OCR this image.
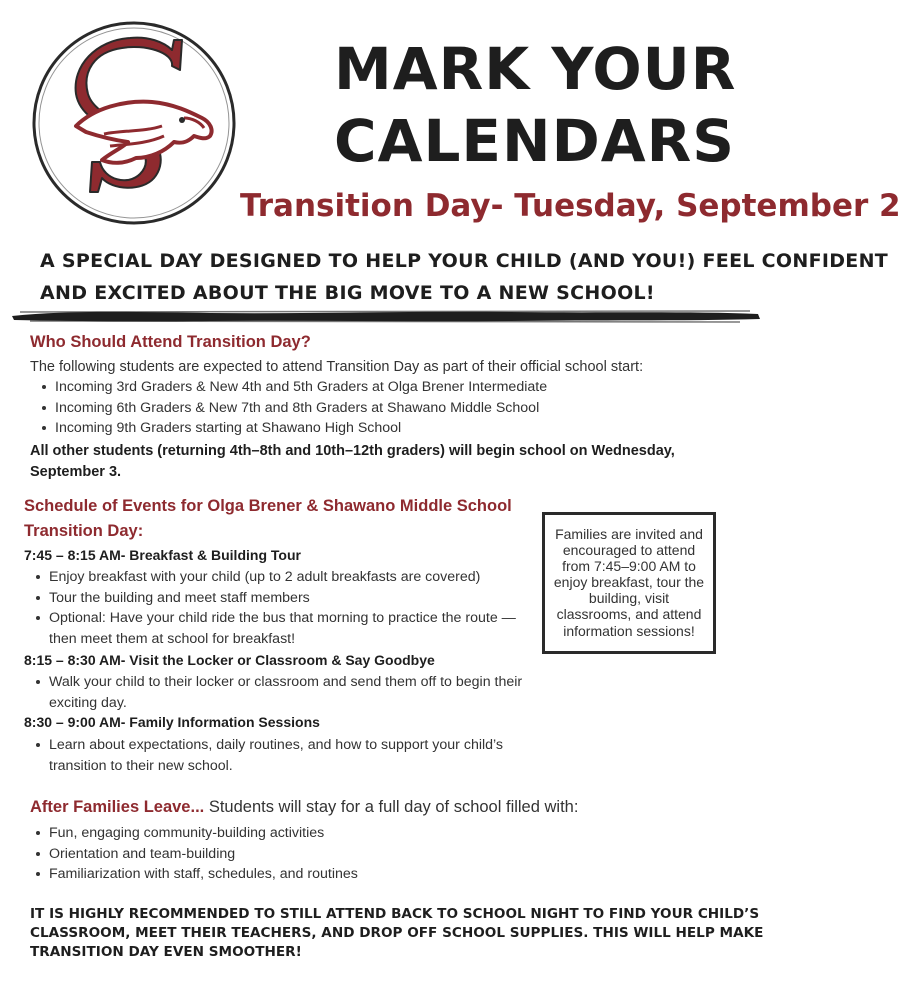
MARK YOUR
CALENDARS
Transition Day- Tuesday, September 2
A SPECIAL DAY DESIGNED TO HELP YOUR CHILD (AND YOU!) FEEL CONFIDENT
AND EXCITED ABOUT THE BIG MOVE TO A NEW SCHOOL!
Who Should Attend Transition Day?
The following students are expected to attend Transition Day as part of their official school start:
Incoming 3rd Graders & New 4th and 5th Graders at Olga Brener Intermediate
Incoming 6th Graders & New 7th and 8th Graders at Shawano Middle School
Incoming 9th Graders starting at Shawano High School
All other students (returning 4th–8th and 10th–12th graders) will begin school on Wednesday, September 3.
Schedule of Events for Olga Brener & Shawano Middle School
Transition Day:
7:45 – 8:15 AM- Breakfast & Building Tour
Enjoy breakfast with your child (up to 2 adult breakfasts are covered)
Tour the building and meet staff members
Optional: Have your child ride the bus that morning to practice the route —then meet them at school for breakfast!
8:15 – 8:30 AM- Visit the Locker or Classroom & Say Goodbye
Walk your child to their locker or classroom and send them off to begin their exciting day.
8:30 – 9:00 AM- Family Information Sessions
Learn about expectations, daily routines, and how to support your child’s transition to their new school.
Families are invited and encouraged to attend from 7:45–9:00 AM to enjoy breakfast, tour the building, visit classrooms, and attend information sessions!
After Families Leave... Students will stay for a full day of school filled with:
Fun, engaging community-building activities
Orientation and team-building
Familiarization with staff, schedules, and routines
IT IS HIGHLY RECOMMENDED TO STILL ATTEND BACK TO SCHOOL NIGHT TO FIND YOUR CHILD’S
CLASSROOM, MEET THEIR TEACHERS, AND DROP OFF SCHOOL SUPPLIES. THIS WILL HELP MAKE
TRANSITION DAY EVEN SMOOTHER!
